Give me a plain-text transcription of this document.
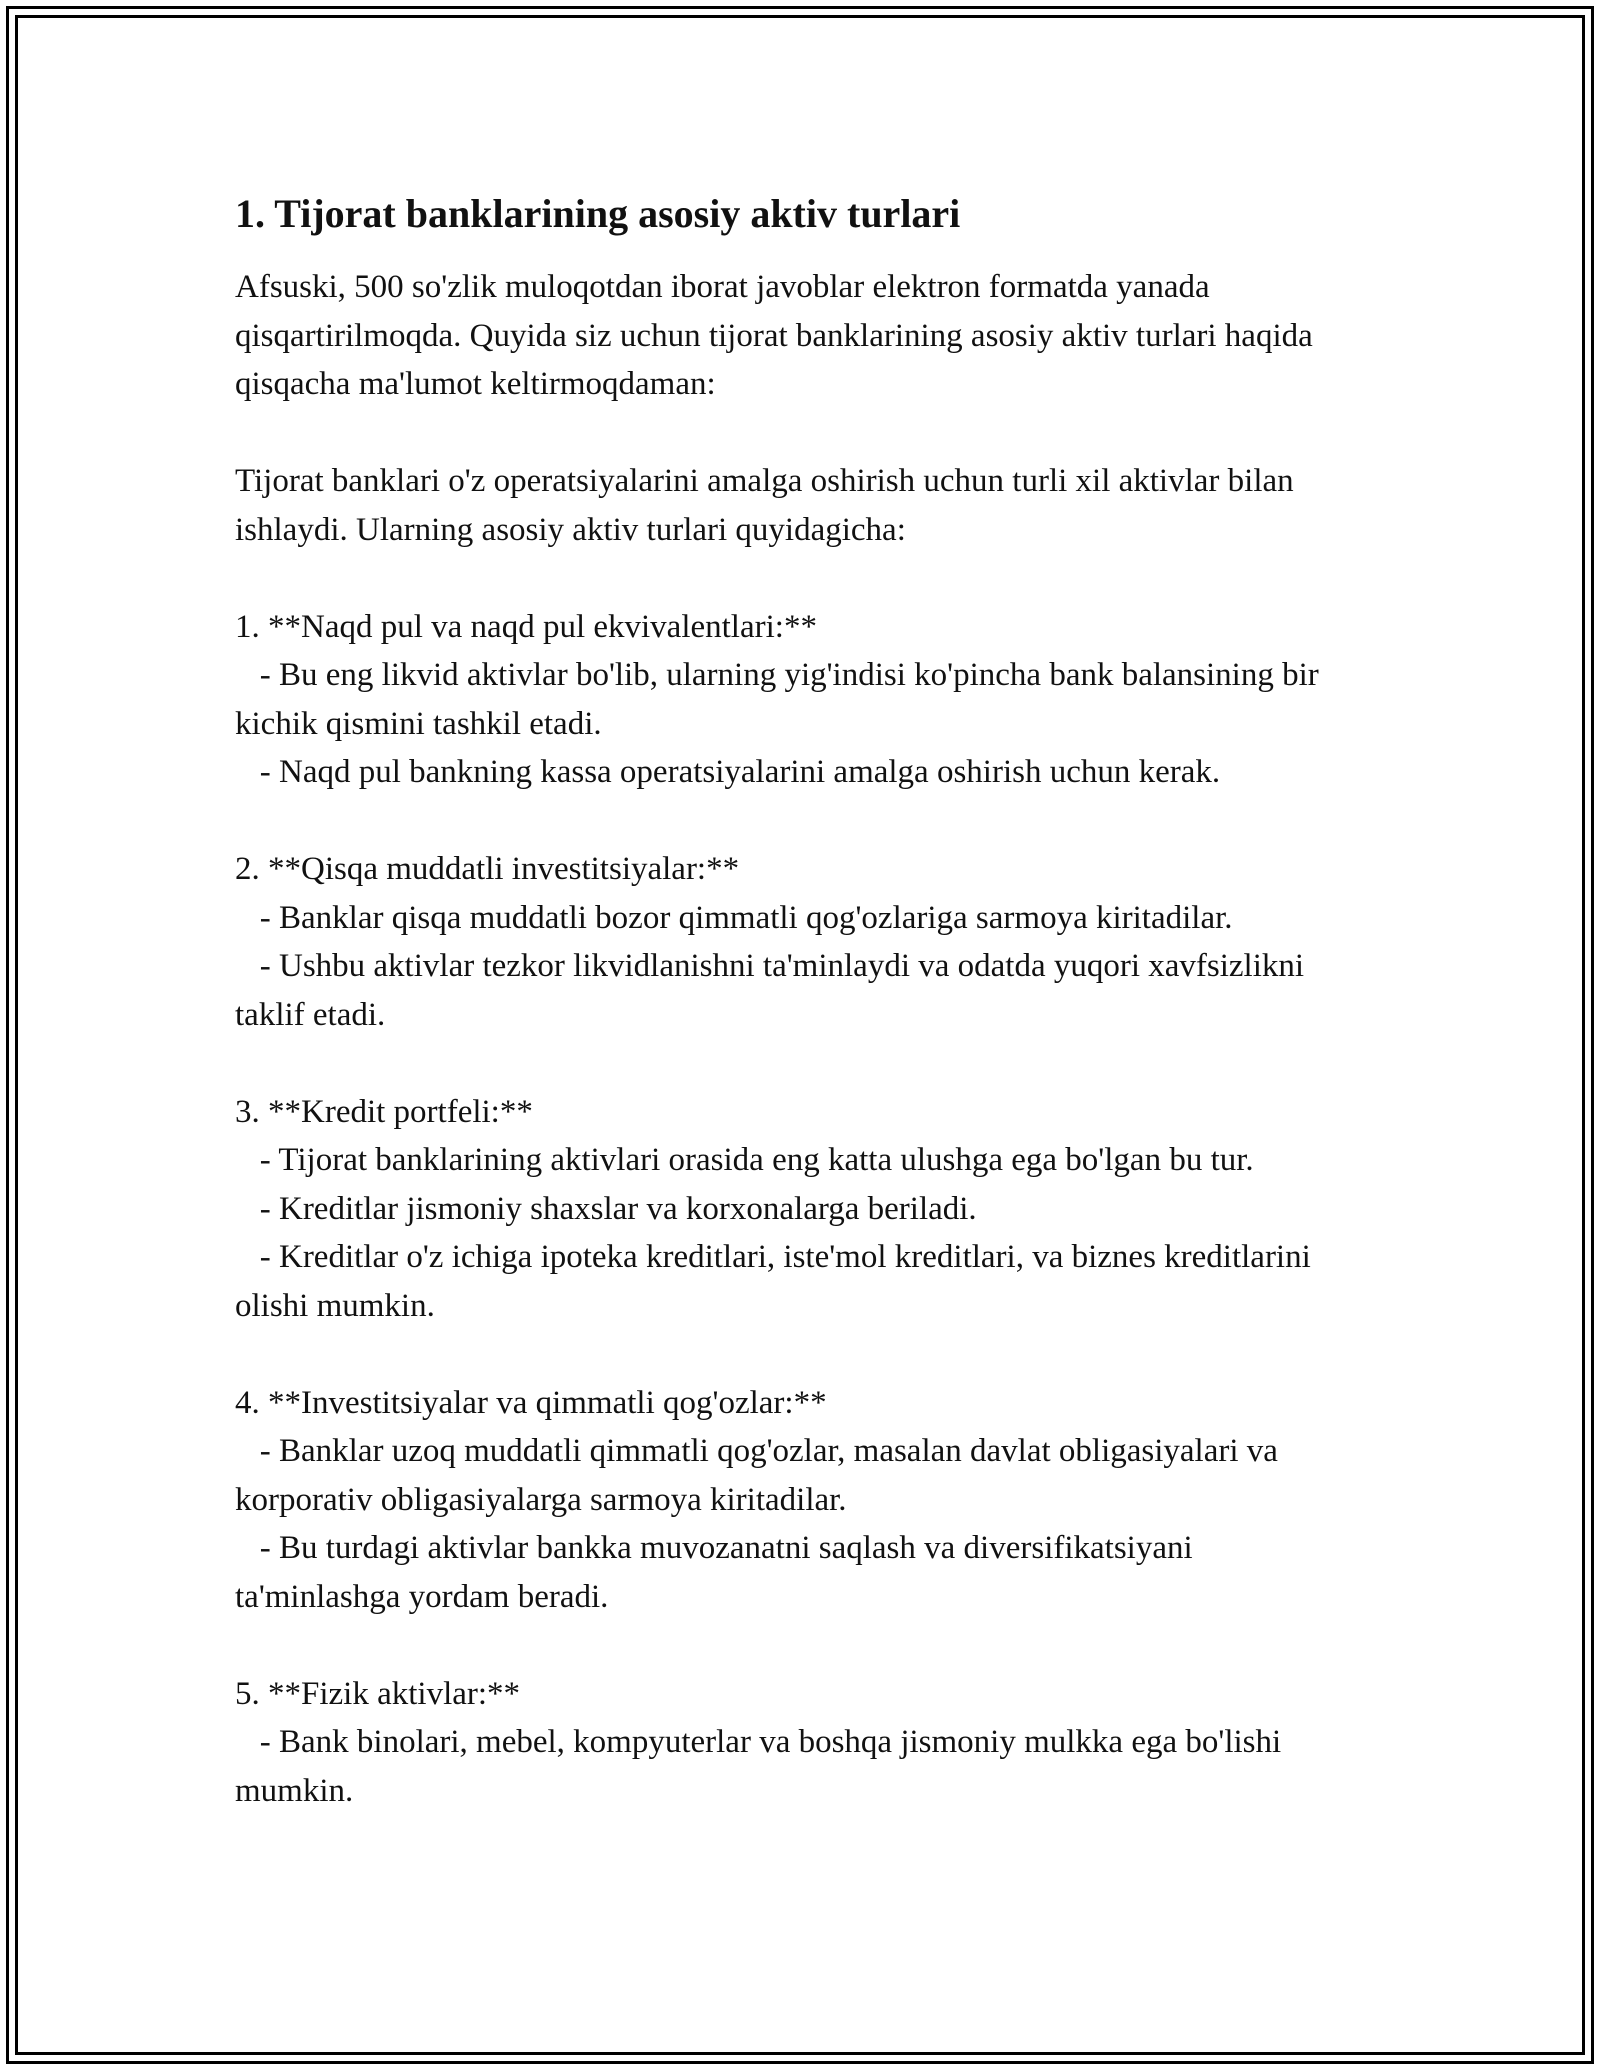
1. Tijorat banklarining asosiy aktiv turlari

Afsuski, 500 so'zlik muloqotdan iborat javoblar elektron formatda yanada qisqartirilmoqda. Quyida siz uchun tijorat banklarining asosiy aktiv turlari haqida qisqacha ma'lumot keltirmoqdaman:

Tijorat banklari o'z operatsiyalarini amalga oshirish uchun turli xil aktivlar bilan ishlaydi. Ularning asosiy aktiv turlari quyidagicha:

1. **Naqd pul va naqd pul ekvivalentlari:**

- Bu eng likvid aktivlar bo'lib, ularning yig'indisi ko'pincha bank balansining bir kichik qismini tashkil etadi.

- Naqd pul bankning kassa operatsiyalarini amalga oshirish uchun kerak.

2. **Qisqa muddatli investitsiyalar:**

- Banklar qisqa muddatli bozor qimmatli qog'ozlariga sarmoya kiritadilar.

- Ushbu aktivlar tezkor likvidlanishni ta'minlaydi va odatda yuqori xavfsizlikni taklif etadi.

3. **Kredit portfeli:**

- Tijorat banklarining aktivlari orasida eng katta ulushga ega bo'lgan bu tur.

- Kreditlar jismoniy shaxslar va korxonalarga beriladi.

- Kreditlar o'z ichiga ipoteka kreditlari, iste'mol kreditlari, va biznes kreditlarini olishi mumkin.

4. **Investitsiyalar va qimmatli qog'ozlar:**

- Banklar uzoq muddatli qimmatli qog'ozlar, masalan davlat obligasiyalari va korporativ obligasiyalarga sarmoya kiritadilar.

- Bu turdagi aktivlar bankka muvozanatni saqlash va diversifikatsiyani ta'minlashga yordam beradi.

5. **Fizik aktivlar:**

- Bank binolari, mebel, kompyuterlar va boshqa jismoniy mulkka ega bo'lishi mumkin.
